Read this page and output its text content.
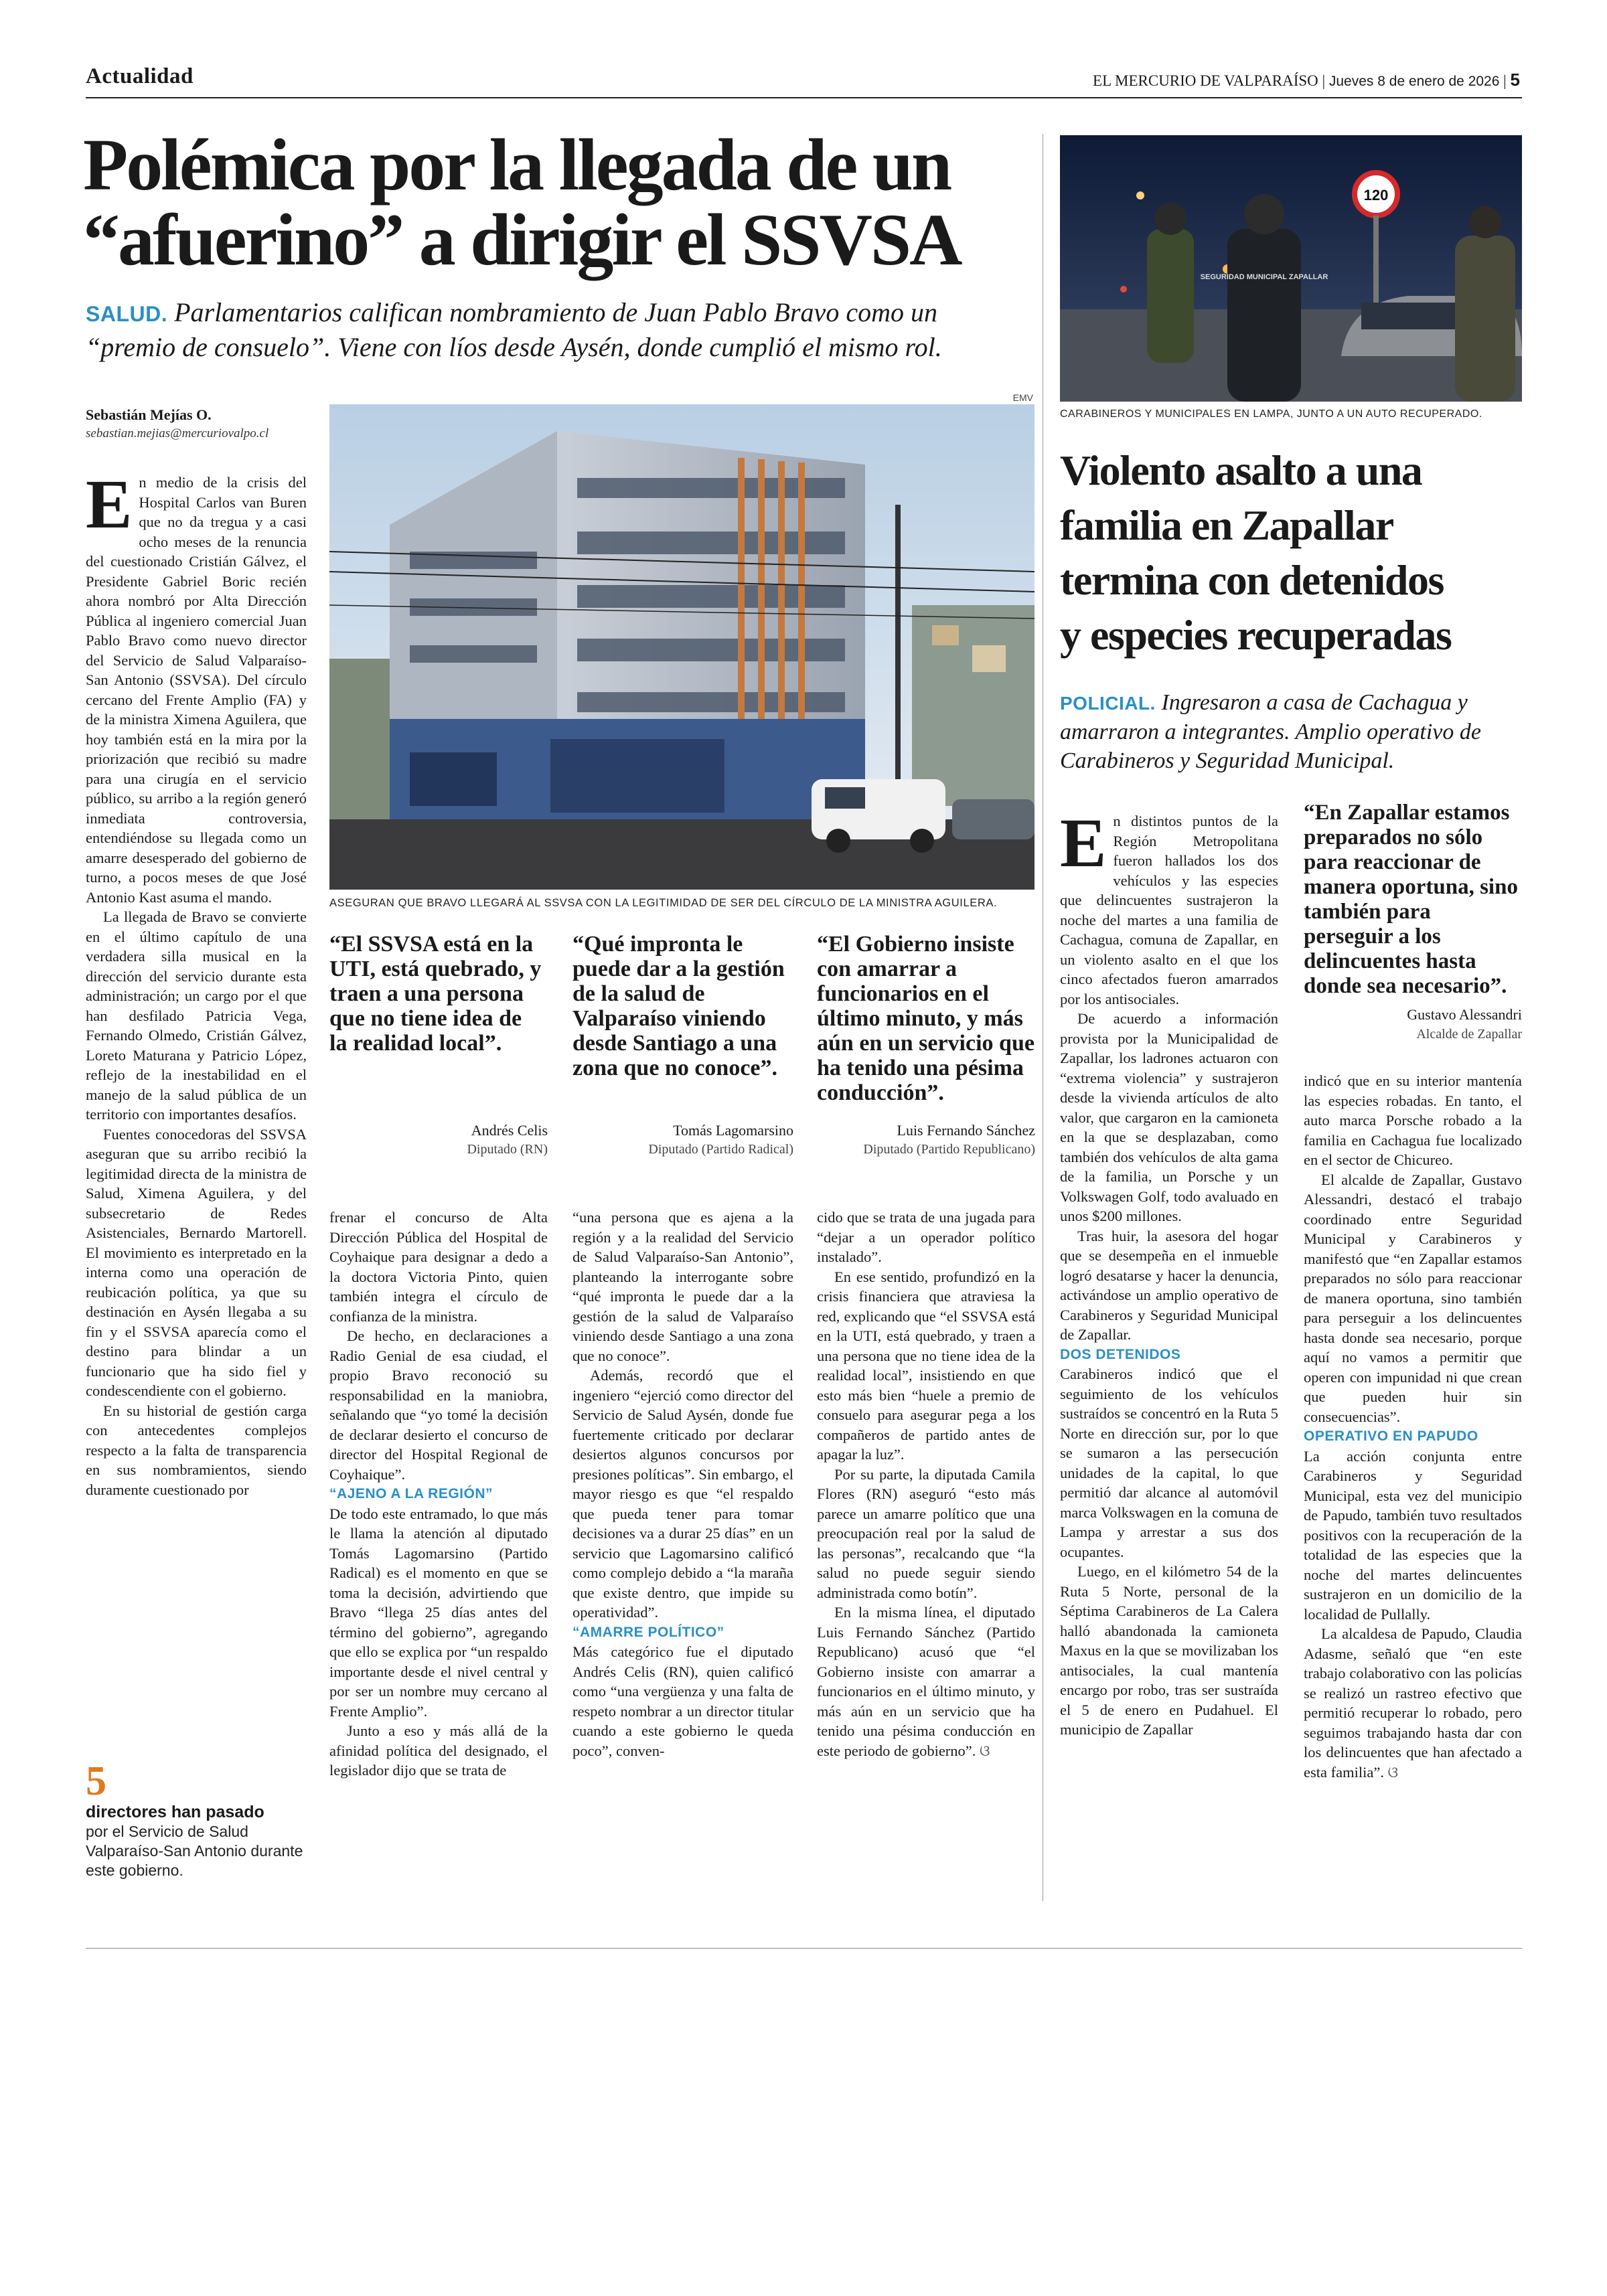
Actualidad	EL MERCURIO DE VALPARAÍSO | Jueves 8 de enero de 2026 | 5
Polémica por la llegada de un
“afuerino” a dirigir el SSVSA
SALUD. Parlamentarios califican nombramiento de Juan Pablo Bravo como un
“premio de consuelo”. Viene con líos desde Aysén, donde cumplió el mismo rol.
Sebastián Mejías O.
sebastian.mejias@mercuriovalpo.cl
EMV
ASEGURAN QUE BRAVO LLEGARÁ AL SSVSA CON LA LEGITIMIDAD DE SER DEL CÍRCULO DE LA MINISTRA AGUILERA.

En medio de la crisis del Hospital Carlos van Buren que no da tregua y a casi ocho meses de la renuncia del cuestionado Cristián Gálvez, el Presidente Gabriel Boric recién ahora nombró por Alta Dirección Pública al ingeniero comercial Juan Pablo Bravo como nuevo director del Servicio de Salud Valparaíso-San Antonio (SSVSA). Del círculo cercano del Frente Amplio (FA) y de la ministra Ximena Aguilera, que hoy también está en la mira por la priorización que recibió su madre para una cirugía en el servicio público, su arribo a la región generó inmediata controversia, entendiéndose su llegada como un amarre desesperado del gobierno de turno, a pocos meses de que José Antonio Kast asuma el mando.

La llegada de Bravo se convierte en el último capítulo de una verdadera silla musical en la dirección del servicio durante esta administración; un cargo por el que han desfilado Patricia Vega, Fernando Olmedo, Cristián Gálvez, Loreto Maturana y Patricio López, reflejo de la inestabilidad en el manejo de la salud pública de un territorio con importantes desafíos.

Fuentes conocedoras del SSVSA aseguran que su arribo recibió la legitimidad directa de la ministra de Salud, Ximena Aguilera, y del subsecretario de Redes Asistenciales, Bernardo Martorell. El movimiento es interpretado en la interna como una operación de reubicación política, ya que su destinación en Aysén llegaba a su fin y el SSVSA aparecía como el destino para blindar a un funcionario que ha sido fiel y condescendiente con el gobierno.

En su historial de gestión carga con antecedentes complejos respecto a la falta de transparencia en sus nombramientos, siendo duramente cuestionado por

5
directores han pasado
por el Servicio de Salud Valparaíso-San Antonio durante este gobierno.
“El SSVSA está en la UTI, está quebrado, y traen a una persona que no tiene idea de la realidad local”.
Andrés Celis
Diputado (RN)
“Qué impronta le puede dar a la gestión de la salud de Valparaíso viniendo desde Santiago a una zona que no conoce”.
Tomás Lagomarsino
Diputado (Partido Radical)
“El Gobierno insiste con amarrar a funcionarios en el último minuto, y más aún en un servicio que ha tenido una pésima conducción”.
Luis Fernando Sánchez
Diputado (Partido Republicano)

frenar el concurso de Alta Dirección Pública del Hospital de Coyhaique para designar a dedo a la doctora Victoria Pinto, quien también integra el círculo de confianza de la ministra.

De hecho, en declaraciones a Radio Genial de esa ciudad, el propio Bravo reconoció su responsabilidad en la maniobra, señalando que “yo tomé la decisión de declarar desierto el concurso de director del Hospital Regional de Coyhaique”.

“AJENO A LA REGIÓN”

De todo este entramado, lo que más le llama la atención al diputado Tomás Lagomarsino (Partido Radical) es el momento en que se toma la decisión, advirtiendo que Bravo “llega 25 días antes del término del gobierno”, agregando que ello se explica por “un respaldo importante desde el nivel central y por ser un nombre muy cercano al Frente Amplio”.

Junto a eso y más allá de la afinidad política del designado, el legislador dijo que se trata de

“una persona que es ajena a la región y a la realidad del Servicio de Salud Valparaíso-San Antonio”, planteando la interrogante sobre “qué impronta le puede dar a la gestión de la salud de Valparaíso viniendo desde Santiago a una zona que no conoce”.

Además, recordó que el ingeniero “ejerció como director del Servicio de Salud Aysén, donde fue fuertemente criticado por declarar desiertos algunos concursos por presiones políticas”. Sin embargo, el mayor riesgo es que “el respaldo que pueda tener para tomar decisiones va a durar 25 días” en un servicio que Lagomarsino calificó como complejo debido a “la maraña que existe dentro, que impide su operatividad”.

“AMARRE POLÍTICO”

Más categórico fue el diputado Andrés Celis (RN), quien calificó como “una vergüenza y una falta de respeto nombrar a un director titular cuando a este gobierno le queda poco”, conven-

cido que se trata de una jugada para “dejar a un operador político instalado”.

En ese sentido, profundizó en la crisis financiera que atraviesa la red, explicando que “el SSVSA está en la UTI, está quebrado, y traen a una persona que no tiene idea de la realidad local”, insistiendo en que esto más bien “huele a premio de consuelo para asegurar pega a los compañeros de partido antes de apagar la luz”.

Por su parte, la diputada Camila Flores (RN) aseguró “esto más parece un amarre político que una preocupación real por la salud de las personas”, recalcando que “la salud no puede seguir siendo administrada como botín”.

En la misma línea, el diputado Luis Fernando Sánchez (Partido Republicano) acusó que “el Gobierno insiste con amarrar a funcionarios en el último minuto, y más aún en un servicio que ha tenido una pésima conducción en este periodo de gobierno”. ଓ

120
SEGURIDAD MUNICIPAL ZAPALLAR
CARABINEROS Y MUNICIPALES EN LAMPA, JUNTO A UN AUTO RECUPERADO.
Violento asalto a una
familia en Zapallar
termina con detenidos
y especies recuperadas
POLICIAL. Ingresaron a casa de Cachagua y amarraron a integrantes. Amplio operativo de Carabineros y Seguridad Municipal.

En distintos puntos de la Región Metropolitana fueron hallados los dos vehículos y las especies que delincuentes sustrajeron la noche del martes a una familia de Cachagua, comuna de Zapallar, en un violento asalto en el que los cinco afectados fueron amarrados por los antisociales.

De acuerdo a información provista por la Municipalidad de Zapallar, los ladrones actuaron con “extrema violencia” y sustrajeron desde la vivienda artículos de alto valor, que cargaron en la camioneta en la que se desplazaban, como también dos vehículos de alta gama de la familia, un Porsche y un Volkswagen Golf, todo avaluado en unos $200 millones.

Tras huir, la asesora del hogar que se desempeña en el inmueble logró desatarse y hacer la denuncia, activándose un amplio operativo de Carabineros y Seguridad Municipal de Zapallar.

DOS DETENIDOS

Carabineros indicó que el seguimiento de los vehículos sustraídos se concentró en la Ruta 5 Norte en dirección sur, por lo que se sumaron a las persecución unidades de la capital, lo que permitió dar alcance al automóvil marca Volkswagen en la comuna de Lampa y arrestar a sus dos ocupantes.

Luego, en el kilómetro 54 de la Ruta 5 Norte, personal de la Séptima Carabineros de La Calera halló abandonada la camioneta Maxus en la que se movilizaban los antisociales, la cual mantenía encargo por robo, tras ser sustraída el 5 de enero en Pudahuel. El municipio de Zapallar

“En Zapallar estamos preparados no sólo para reaccionar de manera oportuna, sino también para perseguir a los delincuentes hasta donde sea necesario”.
Gustavo Alessandri
Alcalde de Zapallar

indicó que en su interior mantenía las especies robadas. En tanto, el auto marca Porsche robado a la familia en Cachagua fue localizado en el sector de Chicureo.

El alcalde de Zapallar, Gustavo Alessandri, destacó el trabajo coordinado entre Seguridad Municipal y Carabineros y manifestó que “en Zapallar estamos preparados no sólo para reaccionar de manera oportuna, sino también para perseguir a los delincuentes hasta donde sea necesario, porque aquí no vamos a permitir que operen con impunidad ni que crean que pueden huir sin consecuencias”.

OPERATIVO EN PAPUDO

La acción conjunta entre Carabineros y Seguridad Municipal, esta vez del municipio de Papudo, también tuvo resultados positivos con la recuperación de la totalidad de las especies que la noche del martes delincuentes sustrajeron en un domicilio de la localidad de Pullally.

La alcaldesa de Papudo, Claudia Adasme, señaló que “en este trabajo colaborativo con las policías se realizó un rastreo efectivo que permitió recuperar lo robado, pero seguimos trabajando hasta dar con los delincuentes que han afectado a esta familia”. ଓ
